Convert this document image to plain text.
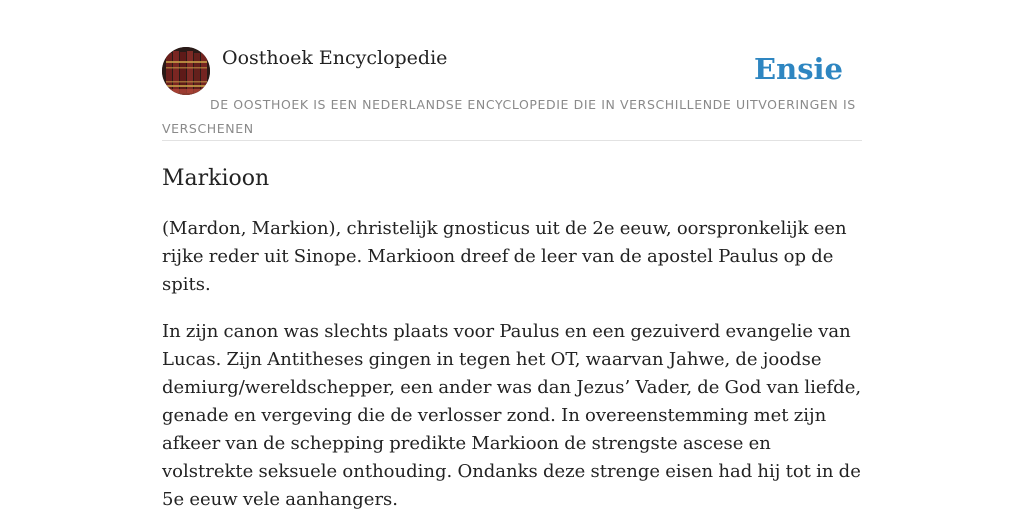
Oosthoek Encyclopedie	Ensie
DE OOSTHOEK IS EEN NEDERLANDSE ENCYCLOPEDIE DIE IN VERSCHILLENDE UITVOERINGEN IS VERSCHENEN
Markioon

(Mardon, Markion), christelijk gnosticus uit de 2e eeuw, oorspronkelijk een rijke reder uit Sinope. Markioon dreef de leer van de apostel Paulus op de spits.

In zijn canon was slechts plaats voor Paulus en een gezuiverd evangelie van Lucas. Zijn Antitheses gingen in tegen het OT, waarvan Jahwe, de joodse demiurg/wereldschepper, een ander was dan Jezus’ Vader, de God van liefde, genade en vergeving die de verlosser zond. In overeenstemming met zijn afkeer van de schepping predikte Markioon de strengste ascese en volstrekte seksuele onthouding. Ondanks deze strenge eisen had hij tot in de 5e eeuw vele aanhangers.
